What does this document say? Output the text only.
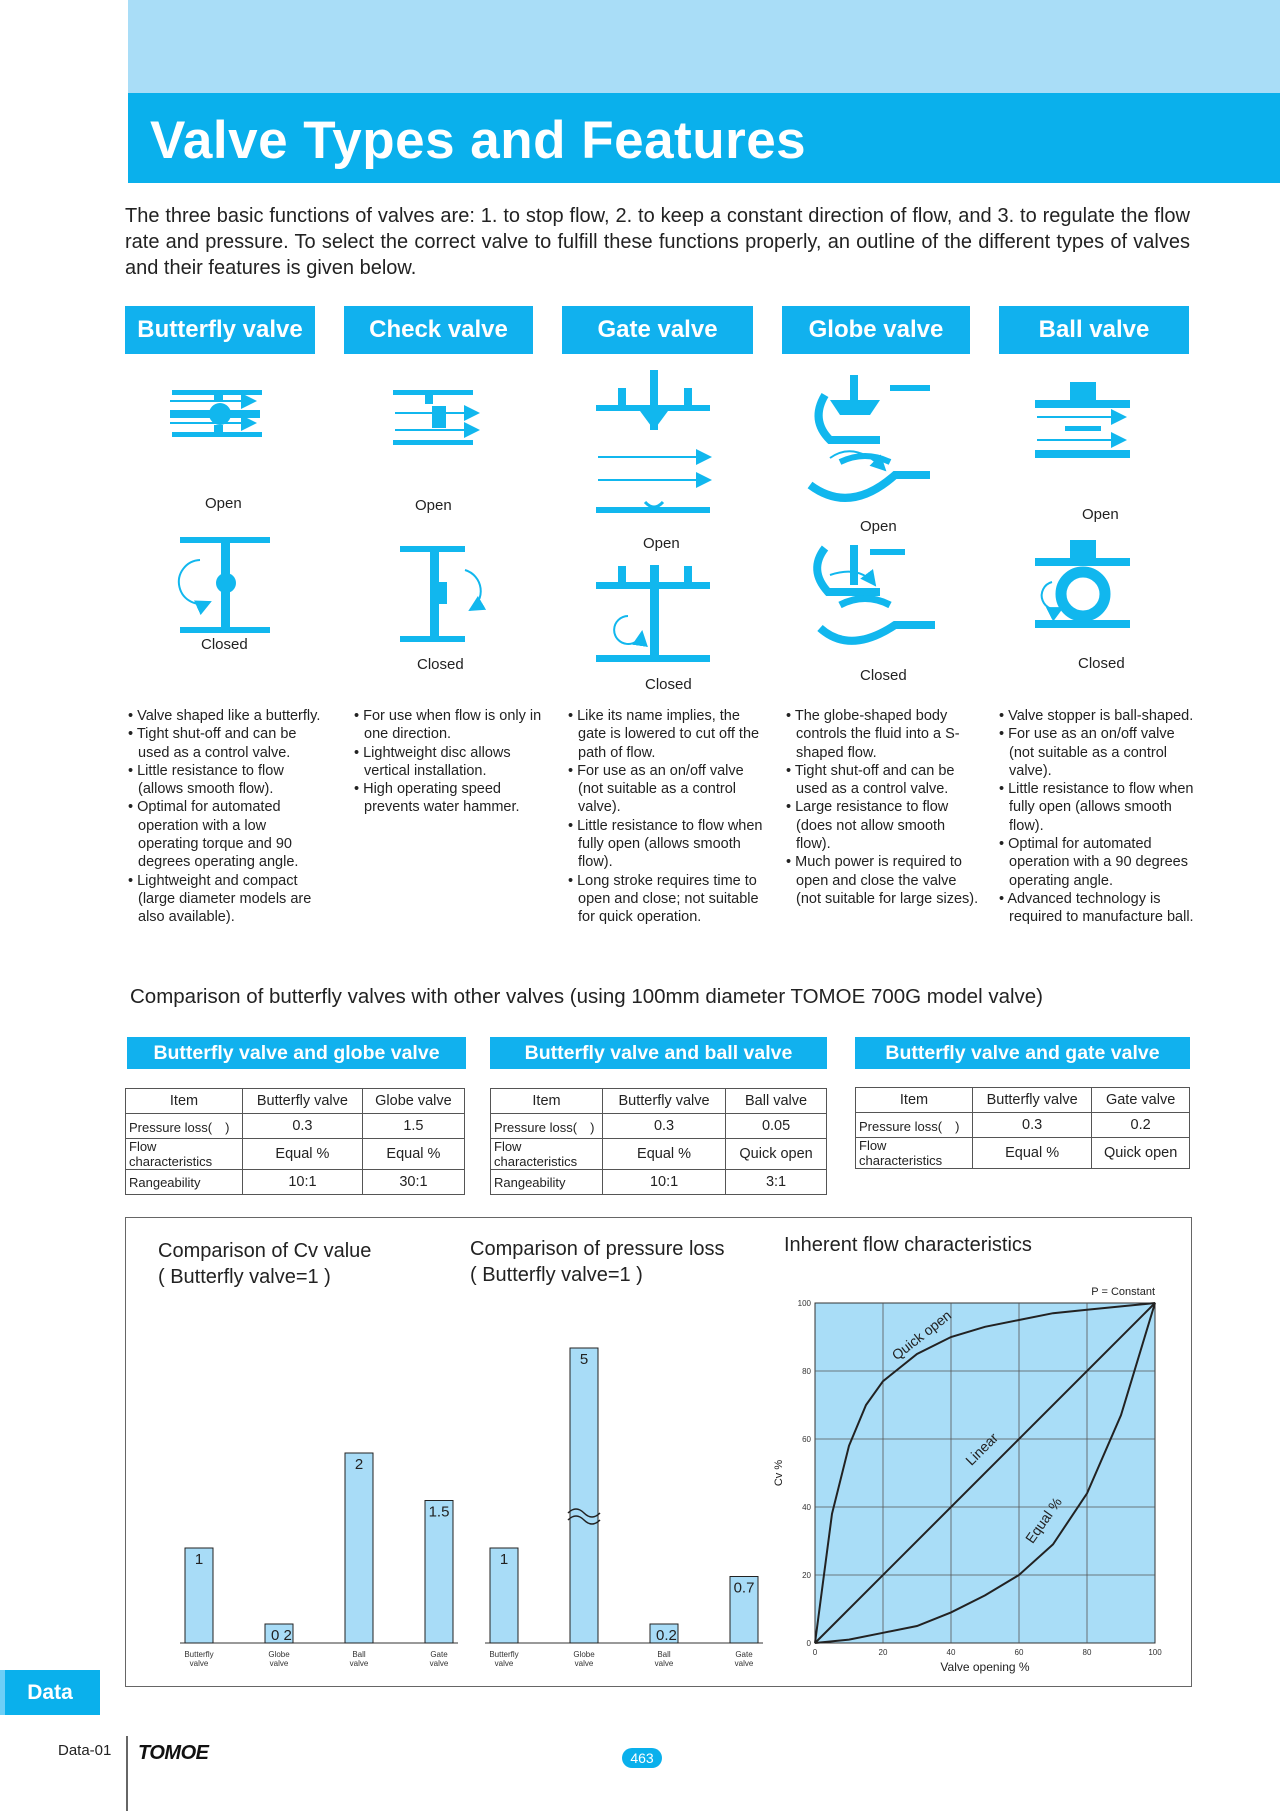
Valve Types and Features
The three basic functions of valves are: 1. to stop flow, 2. to keep a constant direction of flow, and 3. to regulate the flow rate and pressure. To select the correct valve to fulfill these functions properly, an outline of the different types of valves and their features is given below.
Butterfly valve	Check valve	Gate valve	Globe valve	Ball valve
Open
Closed
Open
Closed
Open
Closed
Open
Closed
Open
Closed
• Valve shaped like a butterfly.
• Tight shut-off and can be used as a control valve.
• Little resistance to flow (allows smooth flow).
• Optimal for automated operation with a low operating torque and 90 degrees operating angle.
• Lightweight and compact (large diameter models are also available).
• For use when flow is only in one direction.
• Lightweight disc allows vertical installation.
• High operating speed prevents water hammer.
• Like its name implies, the gate is lowered to cut off the path of flow.
• For use as an on/off valve (not suitable as a control valve).
• Little resistance to flow when fully open (allows smooth flow).
• Long stroke requires time to open and close; not suitable for quick operation.
• The globe-shaped body controls the fluid into a S-shaped flow.
• Tight shut-off and can be used as a control valve.
• Large resistance to flow (does not allow smooth flow).
• Much power is required to open and close the valve (not suitable for large sizes).
• Valve stopper is ball-shaped.
• For use as an on/off valve (not suitable as a control valve).
• Little resistance to flow when fully open (allows smooth flow).
• Optimal for automated operation with a 90 degrees operating angle.
• Advanced technology is required to manufacture ball.
Comparison of butterfly valves with other valves (using 100mm diameter TOMOE 700G model valve)
Butterfly valve and globe valve	Butterfly valve and ball valve	Butterfly valve and gate valve
Item	Butterfly valve	Globe valve
Pressure loss(　)	0.3	1.5
Flow characteristics	Equal %	Equal %
Rangeability	10:1	30:1
Item	Butterfly valve	Ball valve
Pressure loss(　)	0.3	0.05
Flow characteristics	Equal %	Quick open
Rangeability	10:1	3:1
Item	Butterfly valve	Gate valve
Pressure loss(　)	0.3	0.2
Flow characteristics	Equal %	Quick open
Comparison of Cv value
( Butterfly valve=1 )
Comparison of pressure loss
( Butterfly valve=1 )
Inherent flow characteristics
1
Butterfly
valve
0 2
Globe
valve
2
Ball
valve
1.5
Gate
valve
1
Butterfly
valve
5
Globe
valve
0.2
Ball
valve
0.7
Gate
valve
0	20	40	60	80	100
0
20
40
60
80
100
Quick open
Linear
Equal %
P = Constant
Valve opening %
Cv %
Data
Data-01 TOMOE	463
